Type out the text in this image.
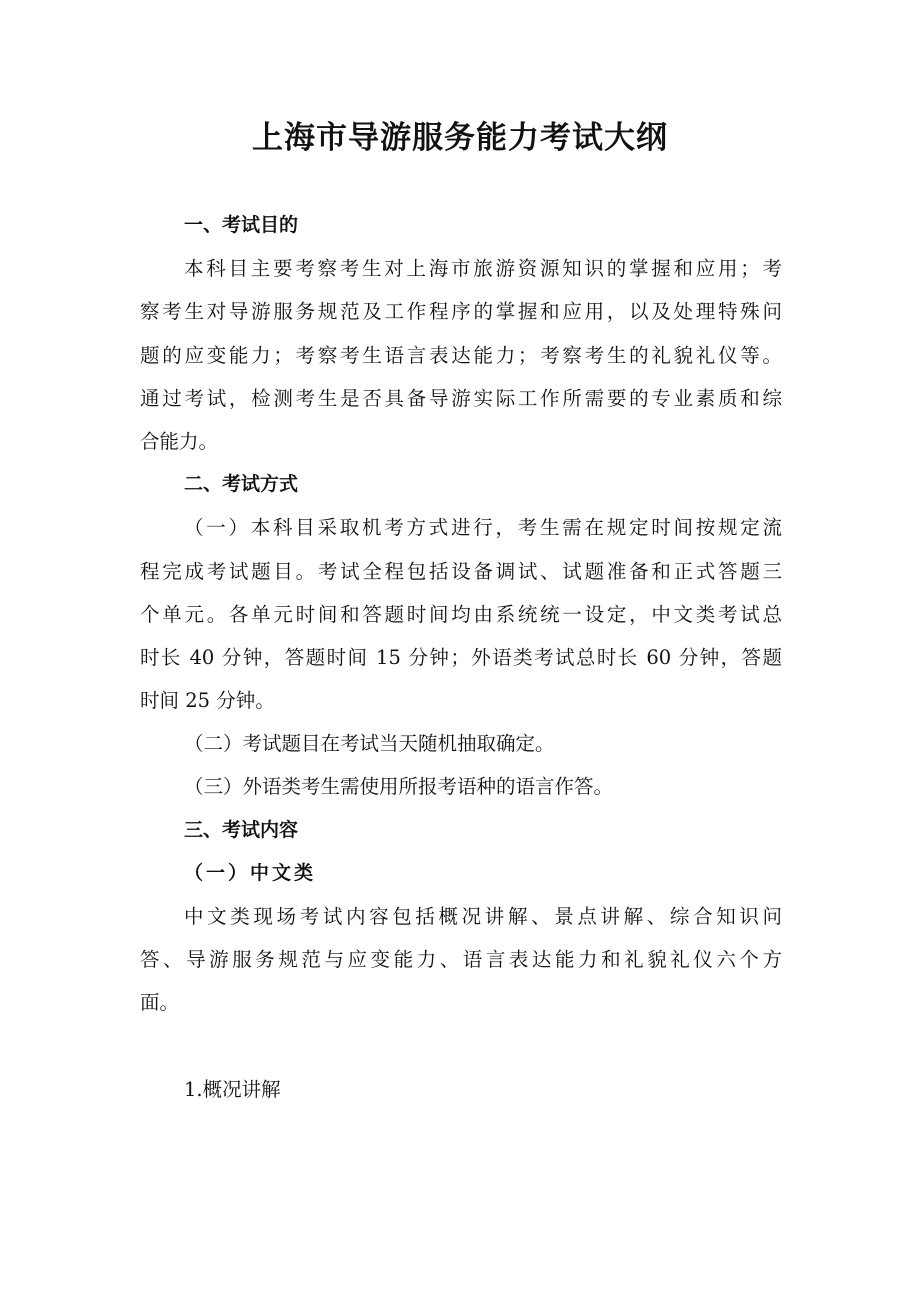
上海市导游服务能力考试大纲
一、考试目的
本科目主要考察考生对上海市旅游资源知识的掌握和应用；考
察考生对导游服务规范及工作程序的掌握和应用，以及处理特殊问
题的应变能力；考察考生语言表达能力；考察考生的礼貌礼仪等。
通过考试，检测考生是否具备导游实际工作所需要的专业素质和综
合能力。
二、考试方式
（一）本科目采取机考方式进行，考生需在规定时间按规定流
程完成考试题目。考试全程包括设备调试、试题准备和正式答题三
个单元。各单元时间和答题时间均由系统统一设定，中文类考试总
时长 40 分钟，答题时间 15 分钟；外语类考试总时长 60 分钟，答题
时间 25 分钟。
（二）考试题目在考试当天随机抽取确定。
（三）外语类考生需使用所报考语种的语言作答。
三、考试内容
（一）中文类
中文类现场考试内容包括概况讲解、景点讲解、综合知识问
答、导游服务规范与应变能力、语言表达能力和礼貌礼仪六个方
面。
1.概况讲解
